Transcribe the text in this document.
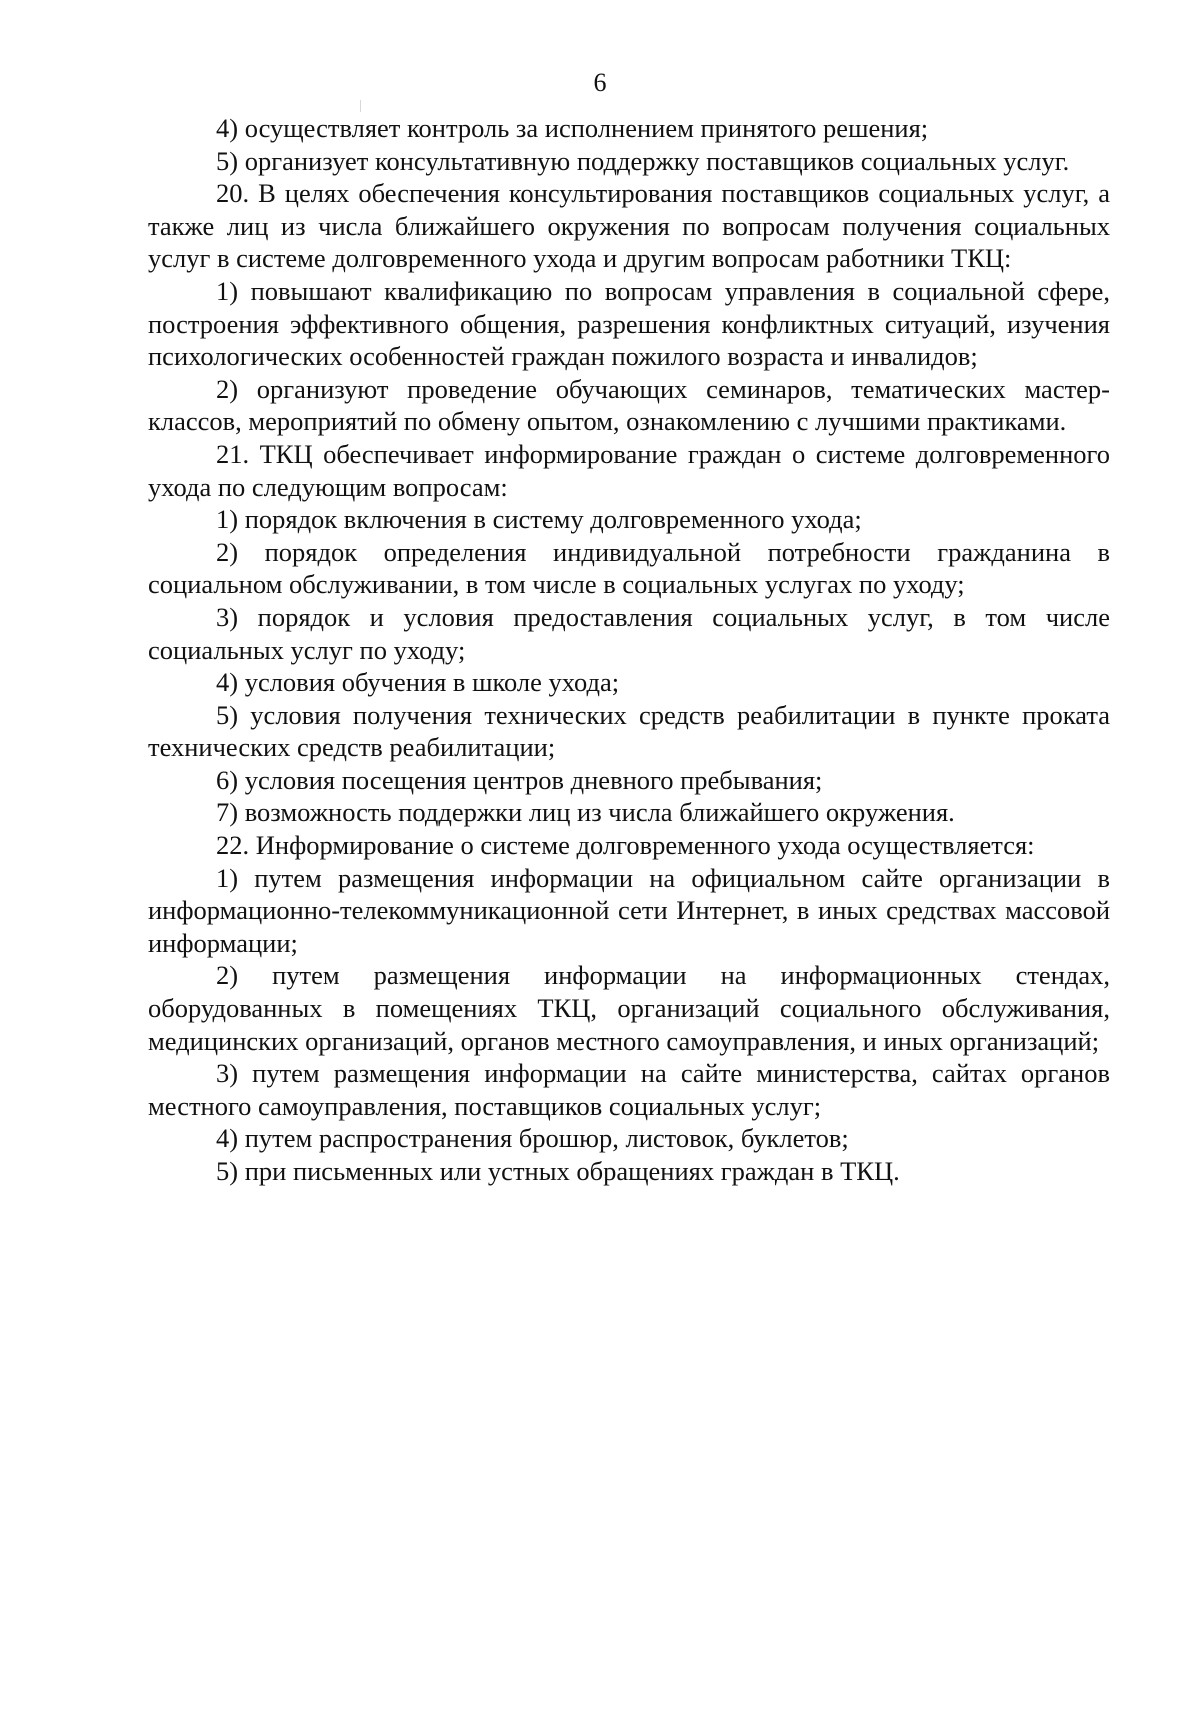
6

4) осуществляет контроль за исполнением принятого решения;

5) организует консультативную поддержку поставщиков социальных услуг.

20. В целях обеспечения консультирования поставщиков социальных услуг, а также лиц из числа ближайшего окружения по вопросам получения социальных услуг в системе долговременного ухода и другим вопросам работники ТКЦ:

1) повышают квалификацию по вопросам управления в социальной сфере, построения эффективного общения, разрешения конфликтных ситуаций, изучения психологических особенностей граждан пожилого возраста и инвалидов;

2) организуют проведение обучающих семинаров, тематических мастер-классов, мероприятий по обмену опытом, ознакомлению с лучшими практиками.

21. ТКЦ обеспечивает информирование граждан о системе долговременного ухода по следующим вопросам:

1) порядок включения в систему долговременного ухода;

2) порядок определения индивидуальной потребности гражданина в социальном обслуживании, в том числе в социальных услугах по уходу;

3) порядок и условия предоставления социальных услуг, в том числе социальных услуг по уходу;

4) условия обучения в школе ухода;

5) условия получения технических средств реабилитации в пункте проката технических средств реабилитации;

6) условия посещения центров дневного пребывания;

7) возможность поддержки лиц из числа ближайшего окружения.

22. Информирование о системе долговременного ухода осуществляется:

1) путем размещения информации на официальном сайте организации в информационно-телекоммуникационной сети Интернет, в иных средствах массовой информации;

2) путем размещения информации на информационных стендах, оборудованных в помещениях ТКЦ, организаций социального обслуживания, медицинских организаций, органов местного самоуправления, и иных организаций;

3) путем размещения информации на сайте министерства, сайтах органов местного самоуправления, поставщиков социальных услуг;

4) путем распространения брошюр, листовок, буклетов;

5) при письменных или устных обращениях граждан в ТКЦ.
